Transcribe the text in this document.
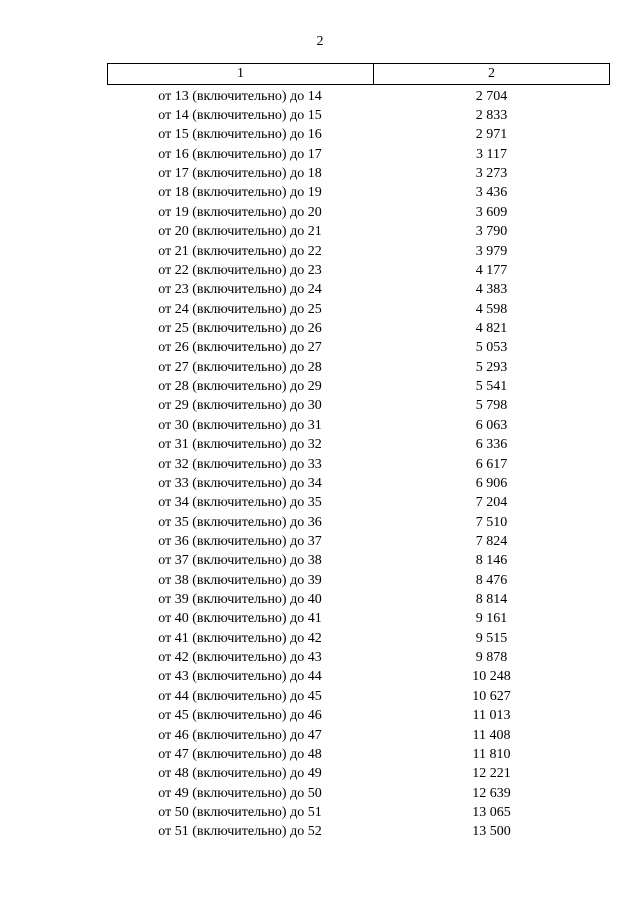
2
1	2
от 13 (включительно) до 14	2 704
от 14 (включительно) до 15	2 833
от 15 (включительно) до 16	2 971
от 16 (включительно) до 17	3 117
от 17 (включительно) до 18	3 273
от 18 (включительно) до 19	3 436
от 19 (включительно) до 20	3 609
от 20 (включительно) до 21	3 790
от 21 (включительно) до 22	3 979
от 22 (включительно) до 23	4 177
от 23 (включительно) до 24	4 383
от 24 (включительно) до 25	4 598
от 25 (включительно) до 26	4 821
от 26 (включительно) до 27	5 053
от 27 (включительно) до 28	5 293
от 28 (включительно) до 29	5 541
от 29 (включительно) до 30	5 798
от 30 (включительно) до 31	6 063
от 31 (включительно) до 32	6 336
от 32 (включительно) до 33	6 617
от 33 (включительно) до 34	6 906
от 34 (включительно) до 35	7 204
от 35 (включительно) до 36	7 510
от 36 (включительно) до 37	7 824
от 37 (включительно) до 38	8 146
от 38 (включительно) до 39	8 476
от 39 (включительно) до 40	8 814
от 40 (включительно) до 41	9 161
от 41 (включительно) до 42	9 515
от 42 (включительно) до 43	9 878
от 43 (включительно) до 44	10 248
от 44 (включительно) до 45	10 627
от 45 (включительно) до 46	11 013
от 46 (включительно) до 47	11 408
от 47 (включительно) до 48	11 810
от 48 (включительно) до 49	12 221
от 49 (включительно) до 50	12 639
от 50 (включительно) до 51	13 065
от 51 (включительно) до 52	13 500
